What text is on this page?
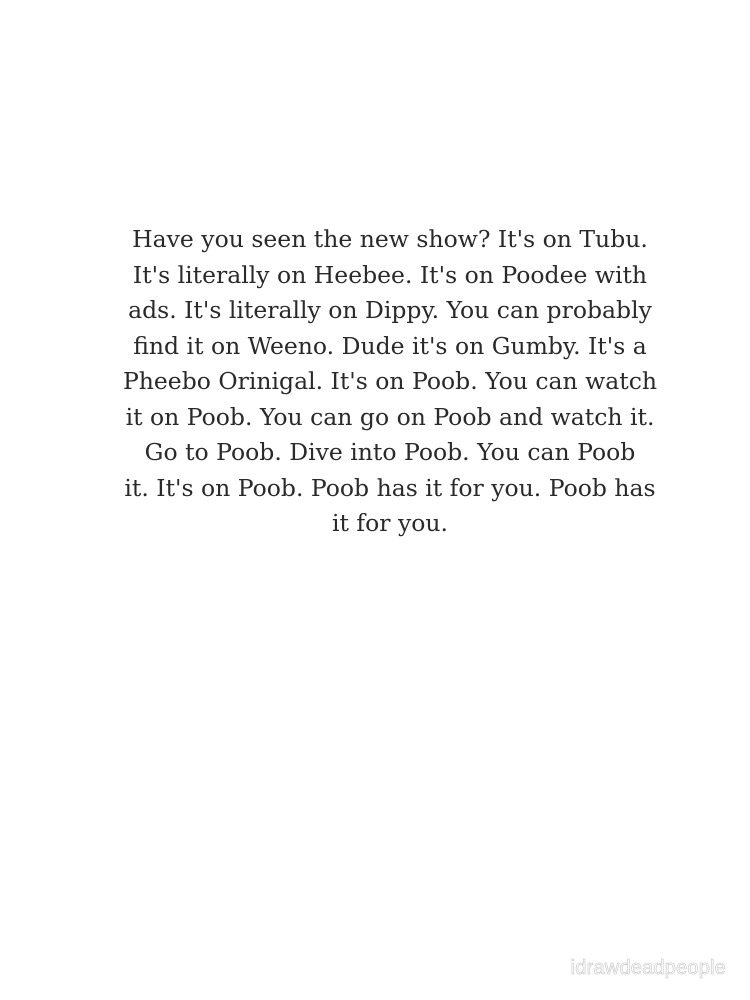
Have you seen the new show? It's on Tubu.
It's literally on Heebee. It's on Poodee with
ads. It's literally on Dippy. You can probably
find it on Weeno. Dude it's on Gumby. It's a
Pheebo Orinigal. It's on Poob. You can watch
it on Poob. You can go on Poob and watch it.
Go to Poob. Dive into Poob. You can Poob
it. It's on Poob. Poob has it for you. Poob has
it for you.
idrawdeadpeople
